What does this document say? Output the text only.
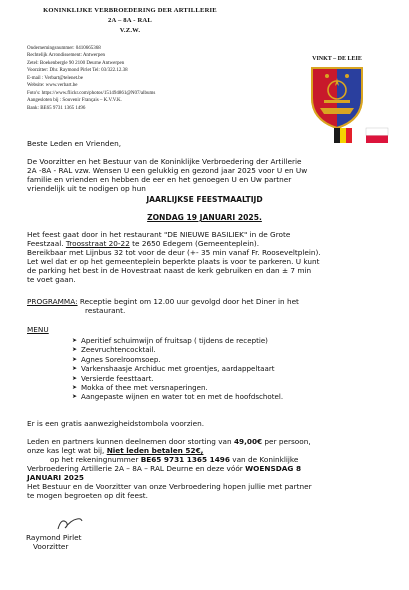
KONINKLIJKE VERBROEDERING DER ARTILLERIE
2A – 8A - RAL
V.Z.W.
Ondernemingsnummer: 0410665368
Rechtelijk Arrondissement: Antwerpen
Zetel: Boekenbergle 90 2100 Deurne Antwerpen
Voorzitter: Dhr. Raymond Pirlet Tel: 03/322.12.38
E-mail : Verbart@telenet.be
Website: www.verbart.be
Foto's: https://www.flickr.com/photos/151494861@N07/albums
Aangesloten bij : Souvenir Français – K.V.V.K.
Bank: BE65 9731 1365 1496
VINKT – DE LEIE
Beste Leden en Vrienden,
De Voorzitter en het Bestuur van de Koninklijke Verbroedering der Artillerie
2A -8A - RAL vzw. Wensen U een gelukkig en gezond jaar 2025 voor U en Uw
familie en vrienden en hebben de eer en het genoegen U en Uw partner
vriendelijk uit te nodigen op hun
JAARLIJKSE FEESTMAALTIJD
ZONDAG 19 JANUARI 2025.
Het feest gaat door in het restaurant "DE NIEUWE BASILIEK" in de Grote
Feestzaal. Troosstraat 20-22 te 2650 Edegem (Gemeenteplein).
Bereikbaar met Lijnbus 32 tot voor de deur (+- 35 min vanaf Fr. Rooseveltplein).
Let wel dat er op het gemeenteplein beperkte plaats is voor te parkeren. U kunt
de parking het best in de Hovestraat naast de kerk gebruiken en dan ± 7 min
te voet gaan.
PROGRAMMA: Receptie begint om 12.00 uur gevolgd door het Diner in het
restaurant.
MENU
➤ Aperitief schuimwijn of fruitsap ( tijdens de receptie)
➤ Zeevruchtencocktail.
➤ Agnes Sorelroomsoep.
➤ Varkenshaasje Archiduc met groentjes, aardappeltaart
➤ Versierde feesttaart.
➤ Mokka of thee met versnaperingen.
➤ Aangepaste wijnen en water tot en met de hoofdschotel.
Er is een gratis aanwezigheidstombola voorzien.
Leden en partners kunnen deelnemen door storting van 49,00€ per persoon,
onze kas legt wat bij, Niet leden betalen 52€,
op het rekeningnummer BE65 9731 1365 1496 van de Koninklijke
Verbroedering Artillerie 2A – 8A – RAL Deurne en deze vóór WOENSDAG 8
JANUARI 2025
Het Bestuur en de Voorzitter van onze Verbroedering hopen jullie met partner
te mogen begroeten op dit feest.
Raymond Pirlet
Voorzitter
